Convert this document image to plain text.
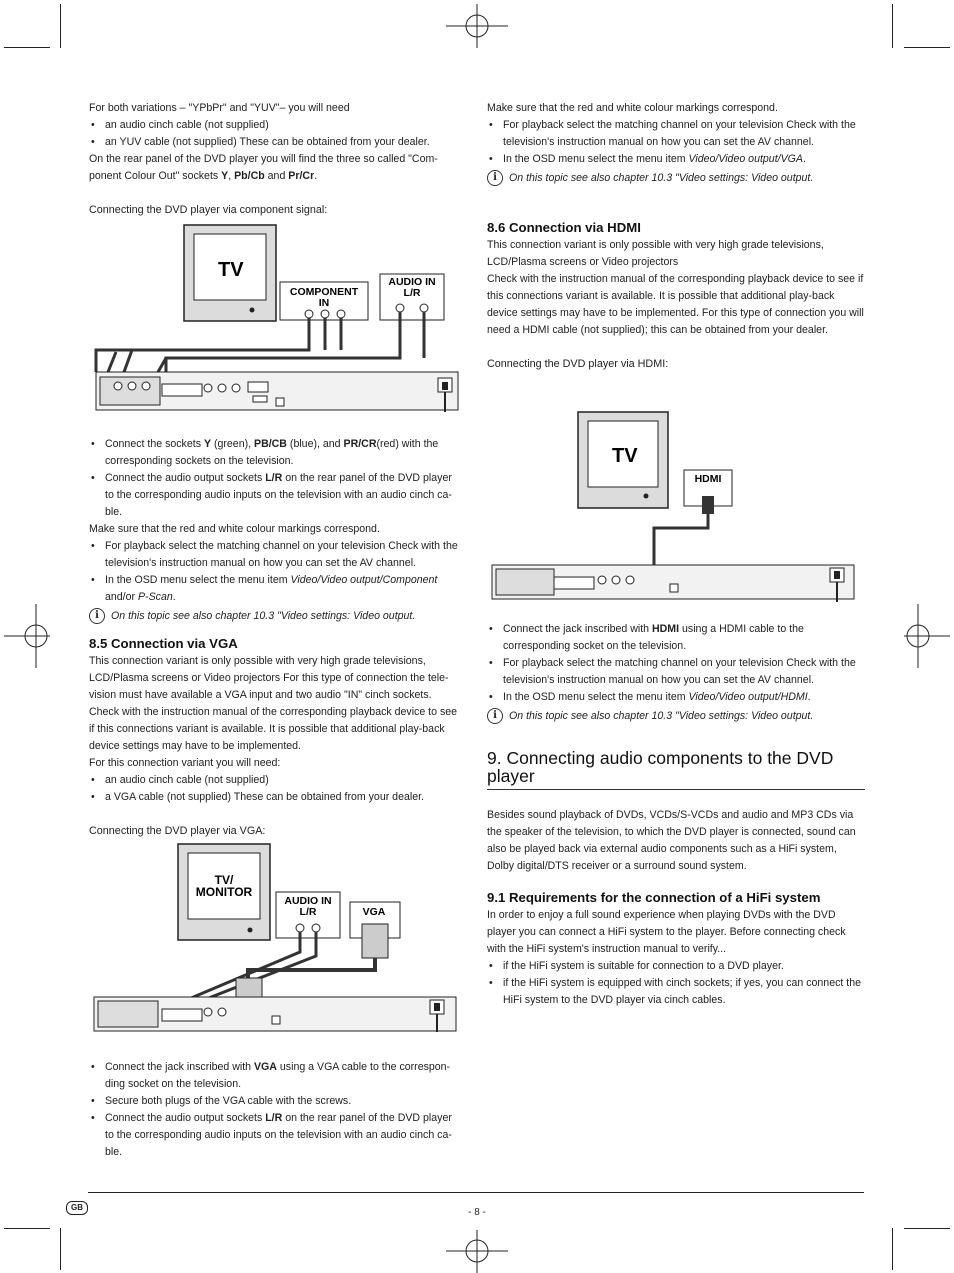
For both variations – "YPbPr" and "YUV"– you will need

• an audio cinch cable (not supplied)
• an YUV cable (not supplied) These can be obtained from your dealer.

On the rear panel of the DVD player you will find the three so called "Com-ponent Colour Out" sockets Y, Pb/Cb and Pr/Cr.

Connecting the DVD player via component signal:

TV
COMPONENT
IN
AUDIO IN
L/R
• Connect the sockets Y (green), PB/CB (blue), and PR/CR(red) with the corresponding sockets on the television.
• Connect the audio output sockets L/R on the rear panel of the DVD player to the corresponding audio inputs on the television with an audio cinch ca-ble.

Make sure that the red and white colour markings correspond.

• For playback select the matching channel on your television Check with the television's instruction manual on how you can set the AV channel.
• In the OSD menu select the menu item Video/Video output/Component and/or P-Scan.

i	On this topic see also chapter 10.3 "Video settings: Video output.

8.5 Connection via VGA

This connection variant is only possible with very high grade televisions, LCD/Plasma screens or Video projectors For this type of connection the tele-vision must have available a VGA input and two audio "IN" cinch sockets. Check with the instruction manual of the corresponding playback device to see if this connections variant is available. It is possible that additional play-back device settings may have to be implemented.

For this connection variant you will need:

• an audio cinch cable (not supplied)
• a VGA cable (not supplied) These can be obtained from your dealer.

Connecting the DVD player via VGA:

TV/
MONITOR
AUDIO IN
L/R	VGA
• Connect the jack inscribed with VGA using a VGA cable to the correspon-ding socket on the television.
• Secure both plugs of the VGA cable with the screws.
• Connect the audio output sockets L/R on the rear panel of the DVD player to the corresponding audio inputs on the television with an audio cinch ca-ble.

Make sure that the red and white colour markings correspond.

• For playback select the matching channel on your television Check with the television's instruction manual on how you can set the AV channel.
• In the OSD menu select the menu item Video/Video output/VGA.

i	On this topic see also chapter 10.3 "Video settings: Video output.

8.6 Connection via HDMI

This connection variant is only possible with very high grade televisions, LCD/Plasma screens or Video projectors

Check with the instruction manual of the corresponding playback device to see if this connections variant is available. It is possible that additional play-back device settings may have to be implemented. For this type of connection you will need a HDMI cable (not supplied); this can be obtained from your dealer.

Connecting the DVD player via HDMI:

TV
HDMI
• Connect the jack inscribed with HDMI using a HDMI cable to the corresponding socket on the television.
• For playback select the matching channel on your television Check with the television's instruction manual on how you can set the AV channel.
• In the OSD menu select the menu item Video/Video output/HDMI.

i	On this topic see also chapter 10.3 "Video settings: Video output.

9. Connecting audio components to the DVD player

Besides sound playback of DVDs, VCDs/S-VCDs and audio and MP3 CDs via the speaker of the television, to which the DVD player is connected, sound can also be played back via external audio components such as a HiFi system, Dolby digital/DTS receiver or a surround sound system.

9.1 Requirements for the connection of a HiFi system

In order to enjoy a full sound experience when playing DVDs with the DVD player you can connect a HiFi system to the player. Before connecting check with the HiFi system's instruction manual to verify...

• if the HiFi system is suitable for connection to a DVD player.
• if the HiFi system is equipped with cinch sockets; if yes, you can connect the HiFi system to the DVD player via cinch cables.
GB	- 8 -
